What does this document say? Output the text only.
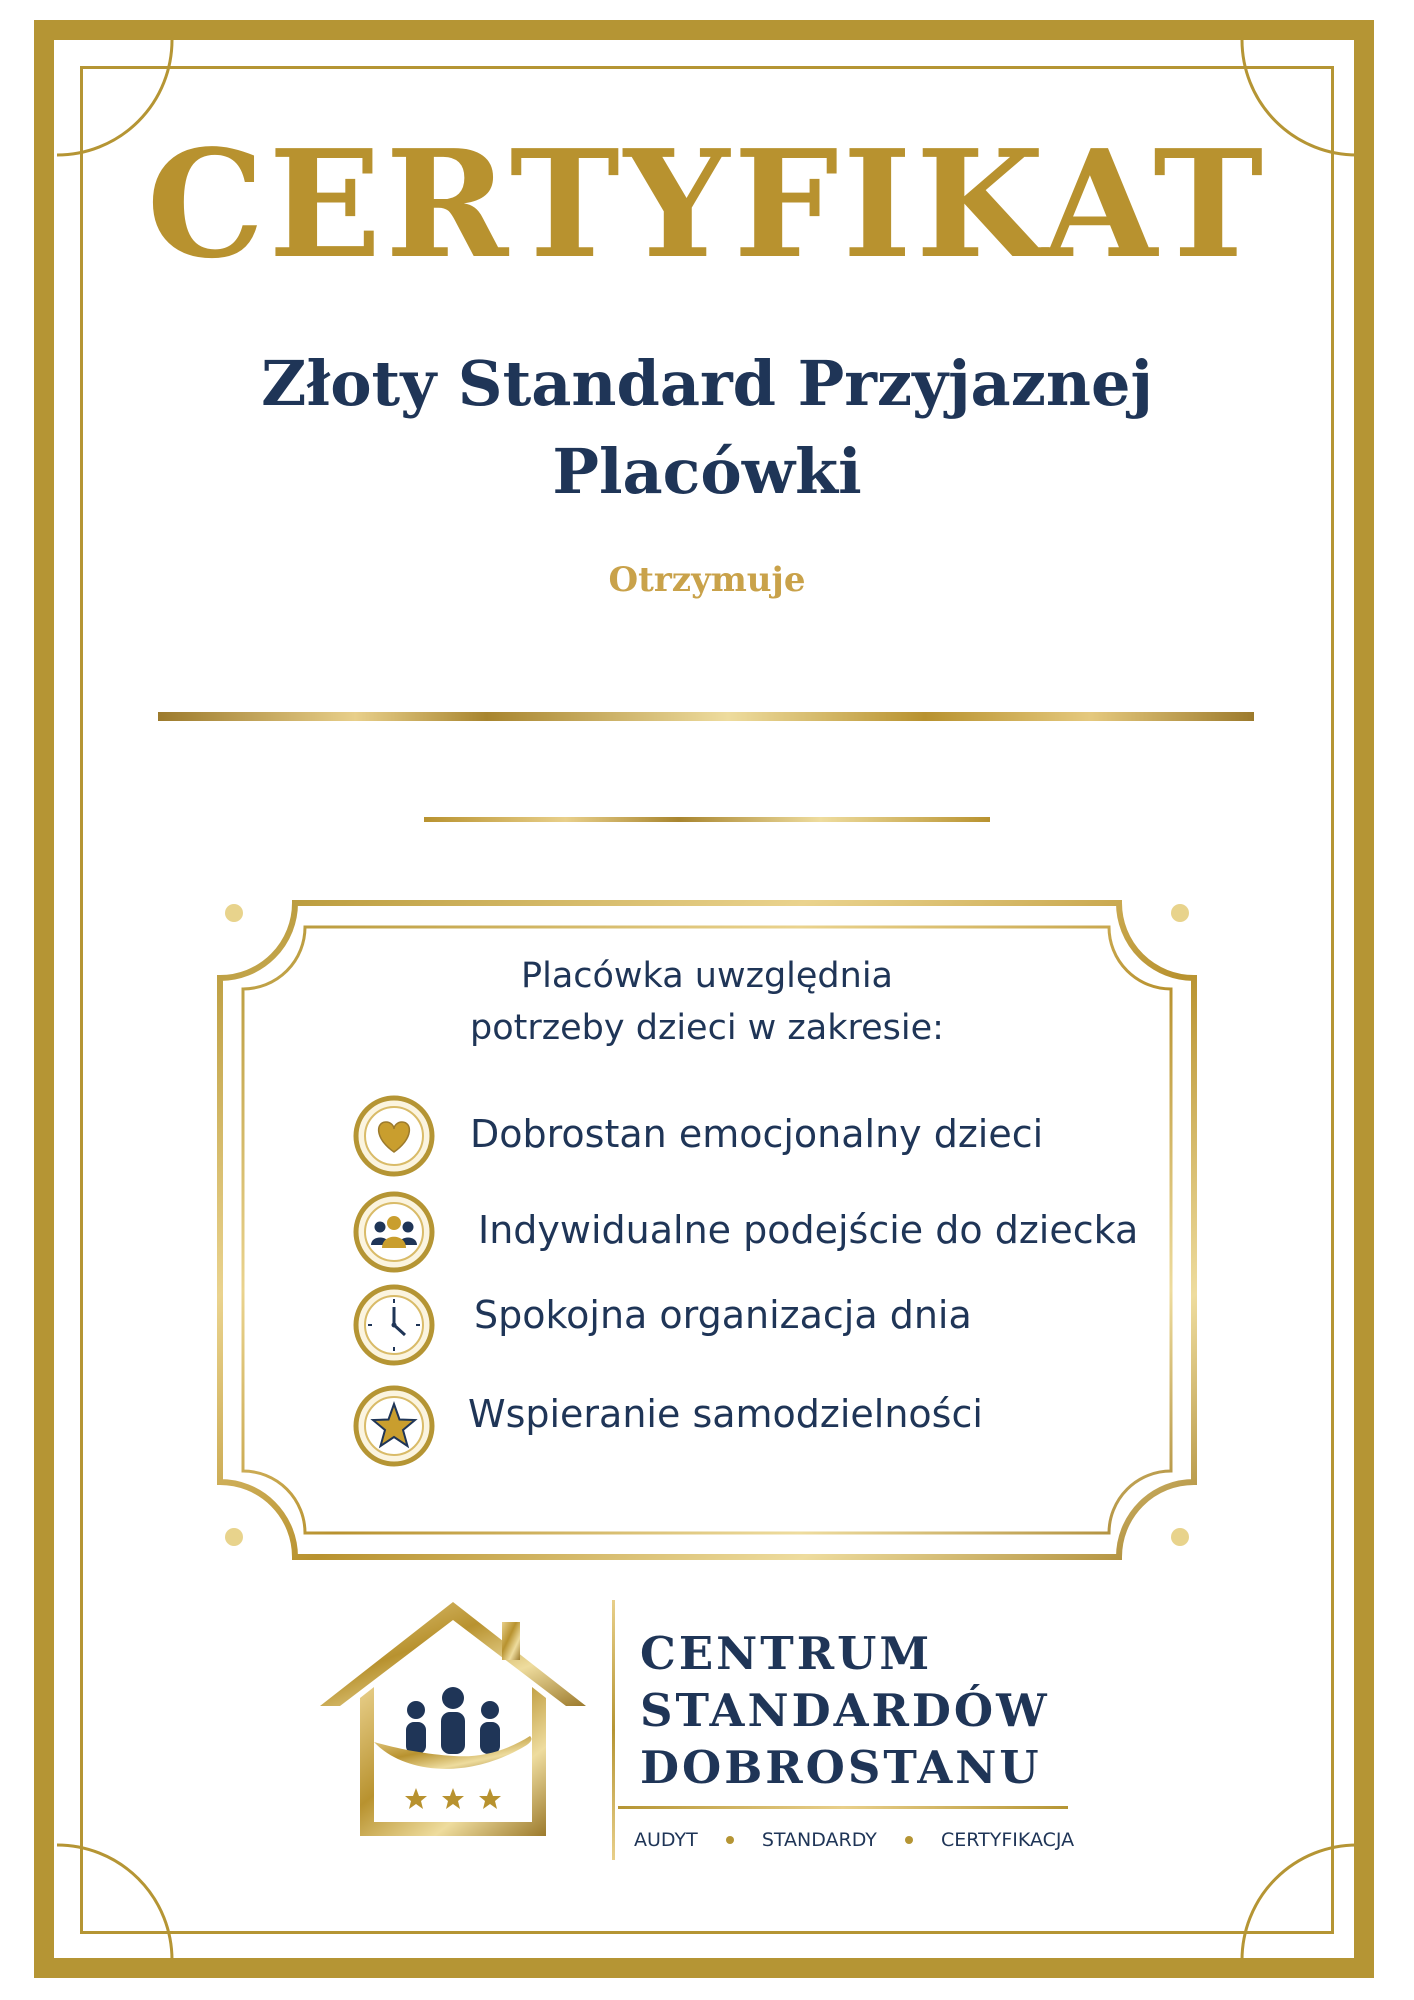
CERTYFIKAT
Złoty Standard Przyjaznej
Placówki
Otrzymuje
Placówka uwzględnia
potrzeby dzieci w zakresie:
Dobrostan emocjonalny dzieci
Indywidualne podejście do dziecka
Spokojna organizacja dnia
Wspieranie samodzielności
CENTRUM
STANDARDÓW
DOBROSTANU
AUDYT	STANDARDY	CERTYFIKACJA
